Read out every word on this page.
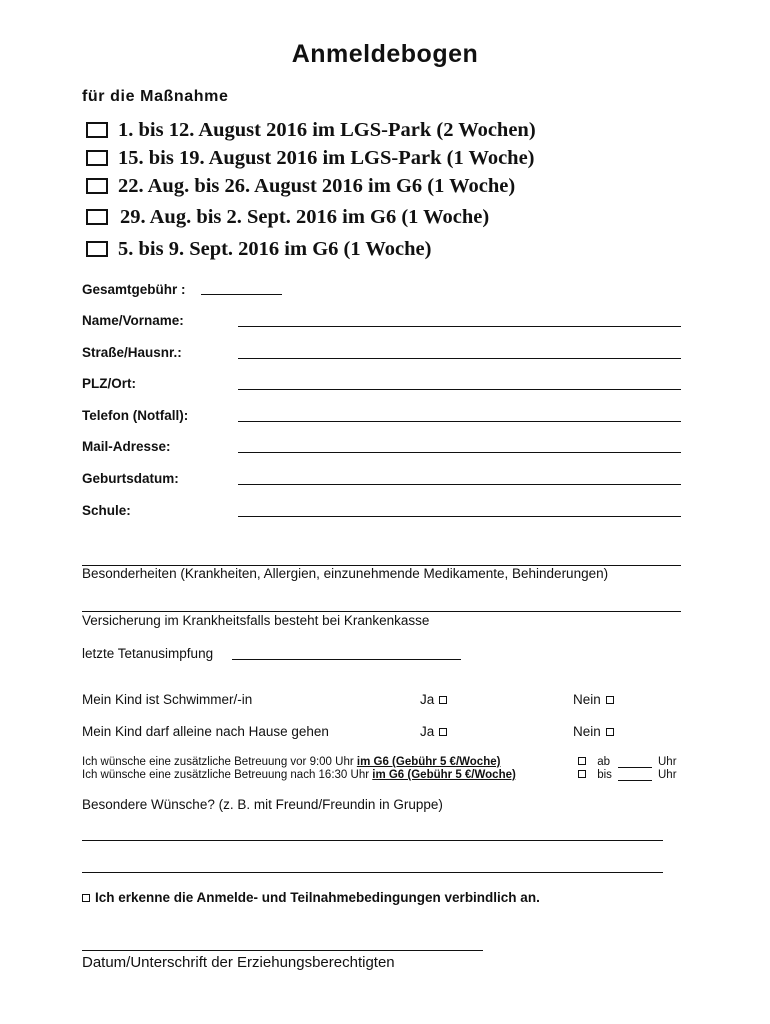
Anmeldebogen
für die Maßnahme
1. bis 12. August 2016 im LGS-Park (2 Wochen)
15. bis 19. August 2016 im LGS-Park (1 Woche)
22. Aug. bis 26. August 2016 im G6 (1 Woche)
29. Aug. bis 2. Sept. 2016 im G6 (1 Woche)
5. bis 9. Sept. 2016 im G6 (1 Woche)
Gesamtgebühr :
Name/Vorname:
Straße/Hausnr.:
PLZ/Ort:
Telefon (Notfall):
Mail-Adresse:
Geburtsdatum:
Schule:
Besonderheiten (Krankheiten, Allergien, einzunehmende Medikamente, Behinderungen)
Versicherung im Krankheitsfalls besteht bei Krankenkasse
letzte Tetanusimpfung
Mein Kind ist Schwimmer/-in	Ja	Nein
Mein Kind darf alleine nach Hause gehen	Ja	Nein
Ich wünsche eine zusätzliche Betreuung vor 9:00 Uhr im G6 (Gebühr 5 €/Woche)	ab	Uhr
Ich wünsche eine zusätzliche Betreuung nach 16:30 Uhr im G6 (Gebühr 5 €/Woche)	bis	Uhr
Besondere Wünsche? (z. B. mit Freund/Freundin in Gruppe)
Ich erkenne die Anmelde- und Teilnahmebedingungen verbindlich an.
Datum/Unterschrift der Erziehungsberechtigten
